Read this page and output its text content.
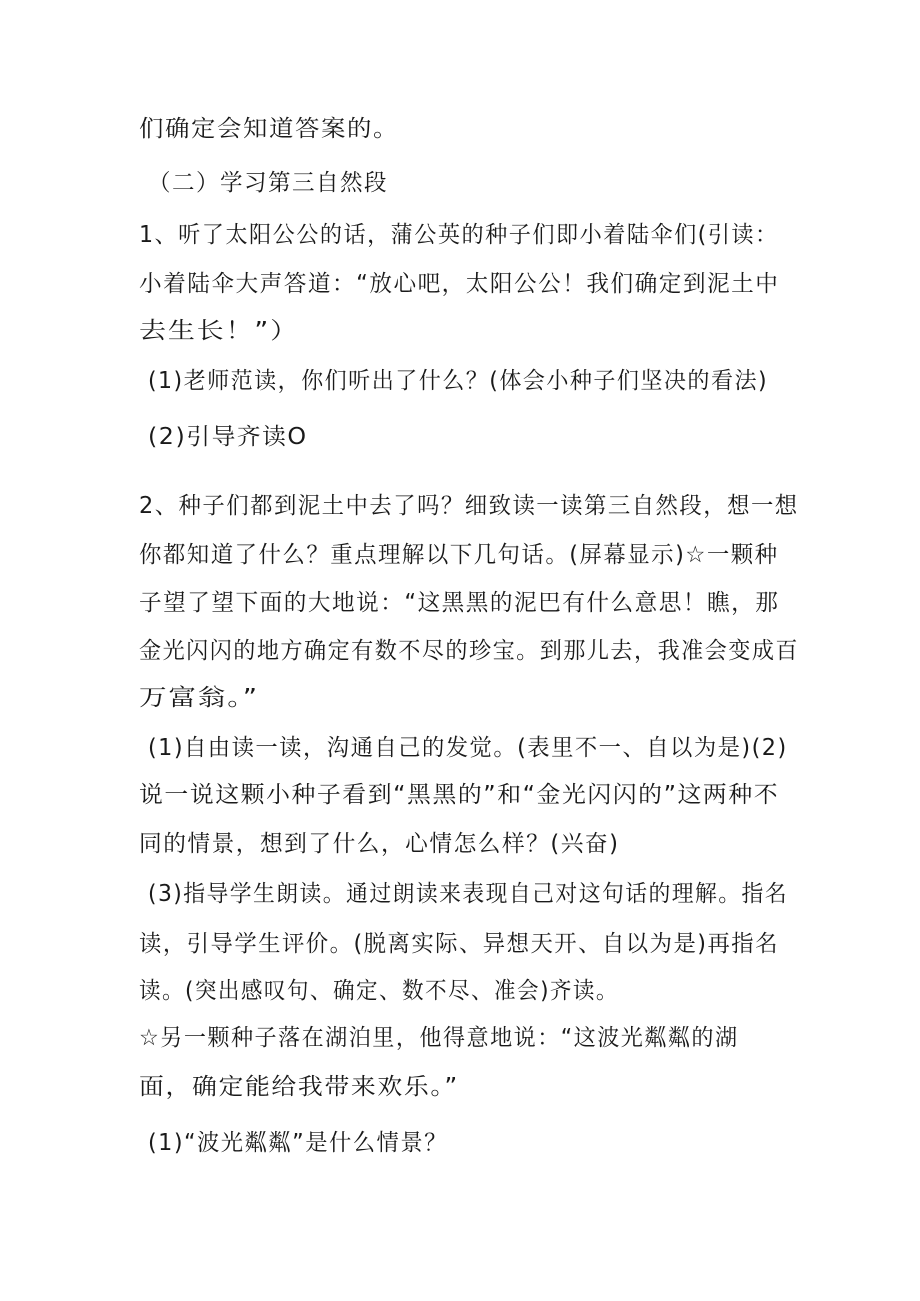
们确定会知道答案的。
（二）学习第三自然段
1、听了太阳公公的话，蒲公英的种子们即小着陆伞们(引读：
小着陆伞大声答道：“放心吧，太阳公公！我们确定到泥土中
去生长！”）
(1)老师范读，你们听出了什么？(体会小种子们坚决的看法)
(2)引导齐读O
2、种子们都到泥土中去了吗？细致读一读第三自然段，想一想
你都知道了什么？重点理解以下几句话。(屏幕显示)☆一颗种
子望了望下面的大地说：“这黑黑的泥巴有什么意思！瞧，那
金光闪闪的地方确定有数不尽的珍宝。到那儿去，我准会变成百
万富翁。”
(1)自由读一读，沟通自己的发觉。(表里不一、自以为是)(2)
说一说这颗小种子看到“黑黑的”和“金光闪闪的”这两种不
同的情景，想到了什么，心情怎么样？(兴奋)
(3)指导学生朗读。通过朗读来表现自己对这句话的理解。指名
读，引导学生评价。(脱离实际、异想天开、自以为是)再指名
读。(突出感叹句、确定、数不尽、准会)齐读。
☆另一颗种子落在湖泊里，他得意地说：“这波光粼粼的湖
面，确定能给我带来欢乐。”
(1)“波光粼粼”是什么情景？
